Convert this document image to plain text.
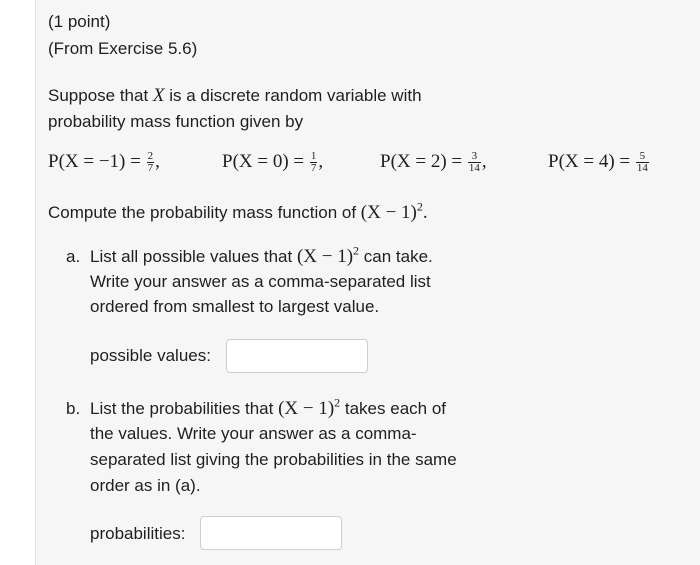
(1 point)
(From Exercise 5.6)
Suppose that X is a discrete random variable with
probability mass function given by
$P(X = -1) = \frac{2}{7}$ ,	$P(X = 0) = \frac{1}{7}$ ,	$P(X = 2) = \frac{3}{14}$ ,	$P(X = 4) = \frac{5}{14}$
Compute the probability mass function of $(X - 1)^2$.
a. List all possible values that $(X - 1)^2$ can take.
Write your answer as a comma-separated list
ordered from smallest to largest value.
possible values:
b. List the probabilities that $(X - 1)^2$ takes each of
the values. Write your answer as a comma-
separated list giving the probabilities in the same
order as in (a).
probabilities:
